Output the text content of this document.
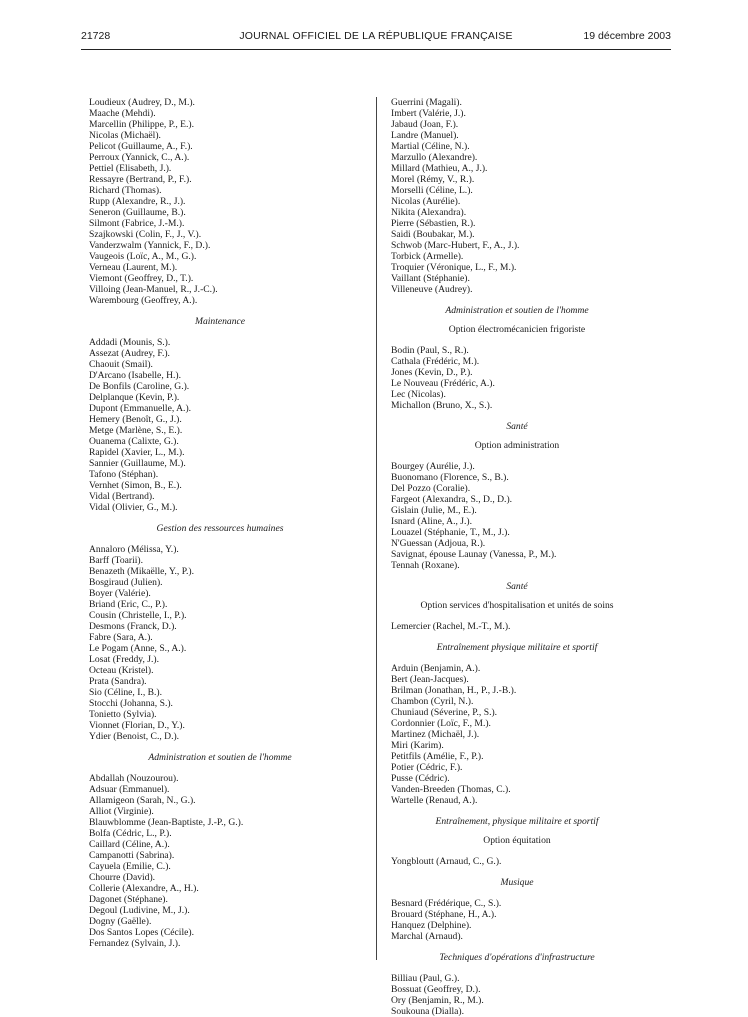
21728	JOURNAL OFFICIEL DE LA RÉPUBLIQUE FRANÇAISE	19 décembre 2003
Loudieux (Audrey, D., M.).
Maache (Mehdi).
Marcellin (Philippe, P., E.).
Nicolas (Michaël).
Pelicot (Guillaume, A., F.).
Perroux (Yannick, C., A.).
Pettiel (Elisabeth, J.).
Ressayre (Bertrand, P., F.).
Richard (Thomas).
Rupp (Alexandre, R., J.).
Seneron (Guillaume, B.).
Silmont (Fabrice, J.-M.).
Szajkowski (Colin, F., J., V.).
Vanderzwalm (Yannick, F., D.).
Vaugeois (Loïc, A., M., G.).
Verneau (Laurent, M.).
Viemont (Geoffrey, D., T.).
Villoing (Jean-Manuel, R., J.-C.).
Warembourg (Geoffrey, A.).
Maintenance
Addadi (Mounis, S.).
Assezat (Audrey, F.).
Chaouit (Smail).
D'Arcano (Isabelle, H.).
De Bonfils (Caroline, G.).
Delplanque (Kevin, P.).
Dupont (Emmanuelle, A.).
Hemery (Benoît, G., J.).
Metge (Marlène, S., E.).
Ouanema (Calixte, G.).
Rapidel (Xavier, L., M.).
Sannier (Guillaume, M.).
Tafono (Stéphan).
Vernhet (Simon, B., E.).
Vidal (Bertrand).
Vidal (Olivier, G., M.).
Gestion des ressources humaines
Annaloro (Mélissa, Y.).
Barff (Toarii).
Benazeth (Mikaëlle, Y., P.).
Bosgiraud (Julien).
Boyer (Valérie).
Briand (Eric, C., P.).
Cousin (Christelle, I., P.).
Desmons (Franck, D.).
Fabre (Sara, A.).
Le Pogam (Anne, S., A.).
Losat (Freddy, J.).
Octeau (Kristel).
Prata (Sandra).
Sio (Céline, I., B.).
Stocchi (Johanna, S.).
Tonietto (Sylvia).
Vionnet (Florian, D., Y.).
Ydier (Benoist, C., D.).
Administration et soutien de l'homme
Abdallah (Nouzourou).
Adsuar (Emmanuel).
Allamigeon (Sarah, N., G.).
Alliot (Virginie).
Blauwblomme (Jean-Baptiste, J.-P., G.).
Bolfa (Cédric, L., P.).
Caillard (Céline, A.).
Campanotti (Sabrina).
Cayuela (Emilie, C.).
Chourre (David).
Collerie (Alexandre, A., H.).
Dagonet (Stéphane).
Degoul (Ludivine, M., J.).
Dogny (Gaëlle).
Dos Santos Lopes (Cécile).
Fernandez (Sylvain, J.).
Guerrini (Magali).
Imbert (Valérie, J.).
Jabaud (Joan, F.).
Landre (Manuel).
Martial (Céline, N.).
Marzullo (Alexandre).
Millard (Mathieu, A., J.).
Morel (Rémy, V., R.).
Morselli (Céline, L.).
Nicolas (Aurélie).
Nikita (Alexandra).
Pierre (Sébastien, R.).
Saidi (Boubakar, M.).
Schwob (Marc-Hubert, F., A., J.).
Torbick (Armelle).
Troquier (Véronique, L., F., M.).
Vaillant (Stéphanie).
Villeneuve (Audrey).
Administration et soutien de l'homme
Option électromécanicien frigoriste
Bodin (Paul, S., R.).
Cathala (Frédéric, M.).
Jones (Kevin, D., P.).
Le Nouveau (Frédéric, A.).
Lec (Nicolas).
Michallon (Bruno, X., S.).
Santé
Option administration
Bourgey (Aurélie, J.).
Buonomano (Florence, S., B.).
Del Pozzo (Coralie).
Fargeot (Alexandra, S., D., D.).
Gislain (Julie, M., E.).
Isnard (Aline, A., J.).
Louazel (Stéphanie, T., M., J.).
N'Guessan (Adjoua, R.).
Savignat, épouse Launay (Vanessa, P., M.).
Tennah (Roxane).
Santé
Option services d'hospitalisation et unités de soins
Lemercier (Rachel, M.-T., M.).
Entraînement physique militaire et sportif
Arduin (Benjamin, A.).
Bert (Jean-Jacques).
Brilman (Jonathan, H., P., J.-B.).
Chambon (Cyril, N.).
Chuniaud (Séverine, P., S.).
Cordonnier (Loïc, F., M.).
Martinez (Michaël, J.).
Miri (Karim).
Petitfils (Amélie, F., P.).
Potier (Cédric, F.).
Pusse (Cédric).
Vanden-Breeden (Thomas, C.).
Wartelle (Renaud, A.).
Entraînement, physique militaire et sportif
Option équitation
Yongbloutt (Arnaud, C., G.).
Musique
Besnard (Frédérique, C., S.).
Brouard (Stéphane, H., A.).
Hanquez (Delphine).
Marchal (Arnaud).
Techniques d'opérations d'infrastructure
Billiau (Paul, G.).
Bossuat (Geoffrey, D.).
Ory (Benjamin, R., M.).
Soukouna (Dialla).
